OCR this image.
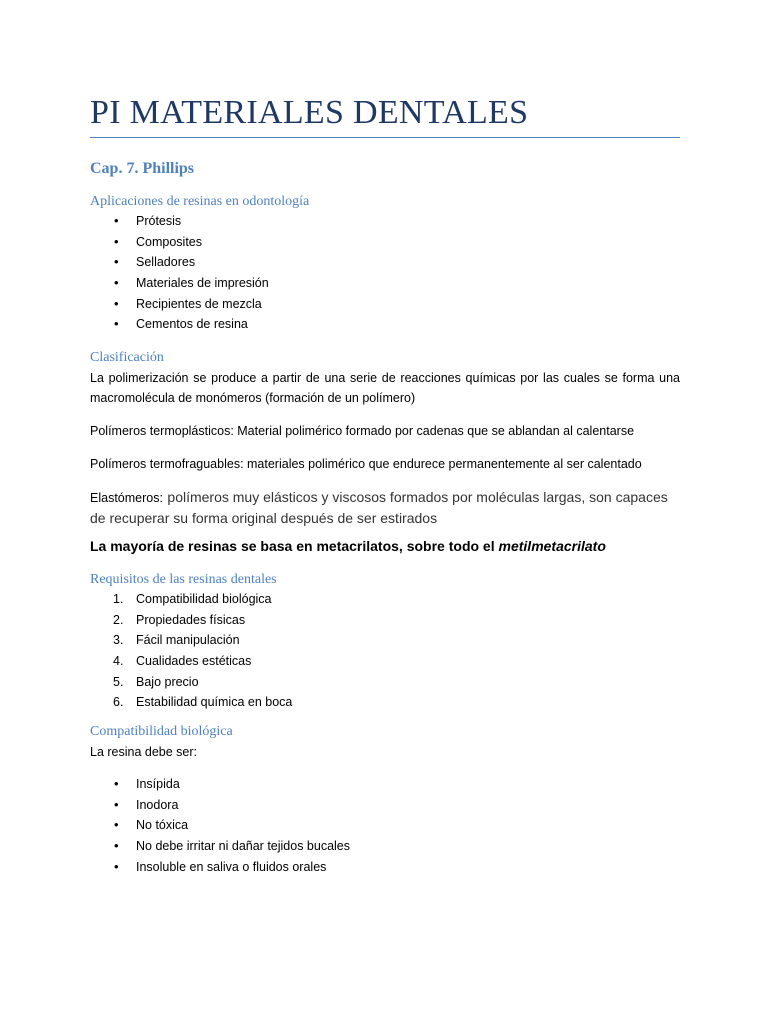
PI MATERIALES DENTALES
Cap. 7. Phillips
Aplicaciones de resinas en odontología
• Prótesis
• Composites
• Selladores
• Materiales de impresión
• Recipientes de mezcla
• Cementos de resina
Clasificación
La polimerización se produce a partir de una serie de reacciones químicas por las cuales se forma una macromolécula de monómeros (formación de un polímero)
Polímeros termoplásticos: Material polimérico formado por cadenas que se ablandan al calentarse
Polímeros termofraguables: materiales polimérico que endurece permanentemente al ser calentado
Elastómeros: polímeros muy elásticos y viscosos formados por moléculas largas, son capaces de recuperar su forma original después de ser estirados
La mayoría de resinas se basa en metacrilatos, sobre todo el metilmetacrilato
Requisitos de las resinas dentales
1. Compatibilidad biológica
2. Propiedades físicas
3. Fácil manipulación
4. Cualidades estéticas
5. Bajo precio
6. Estabilidad química en boca
Compatibilidad biológica
La resina debe ser:
• Insípida
• Inodora
• No tóxica
• No debe irritar ni dañar tejidos bucales
• Insoluble en saliva o fluidos orales
